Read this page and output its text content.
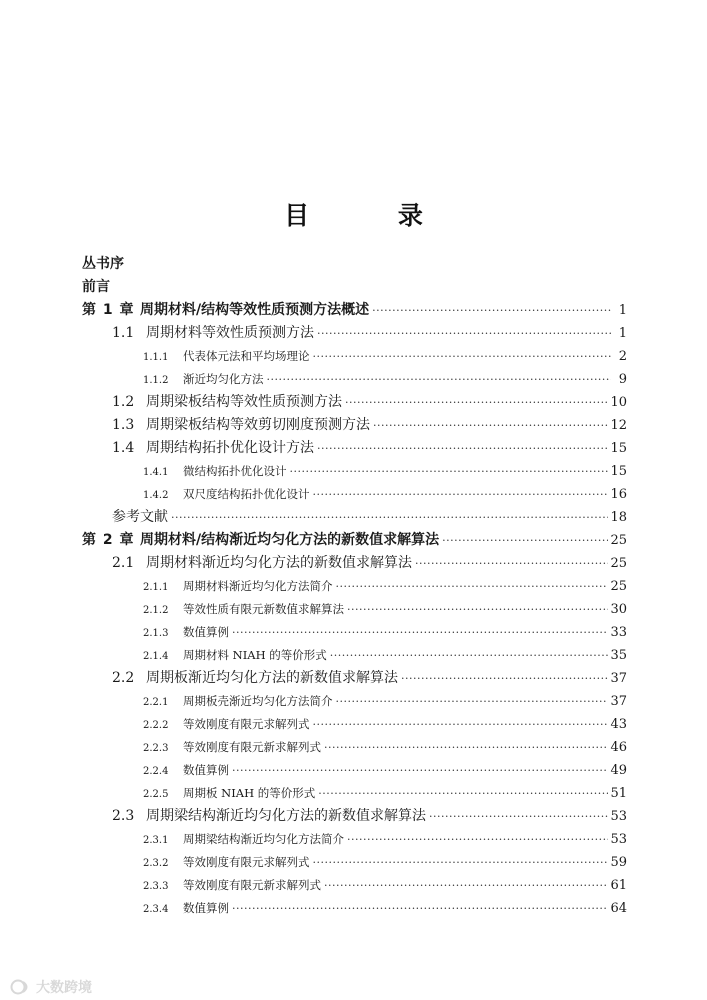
目 录
丛书序
前言
第 1 章 周期材料/结构等效性质预测方法概述 · · ·	1
1.1 周期材料等效性质预测方法 · · ·	1
1.1.1	代表体元法和平均场理论 · · ·	2
1.1.2	渐近均匀化方法 · · ·	9
1.2 周期梁板结构等效性质预测方法 · · ·	10
1.3 周期梁板结构等效剪切刚度预测方法 · · ·	12
1.4 周期结构拓扑优化设计方法 · · ·	15
1.4.1	微结构拓扑优化设计 · · ·	15
1.4.2	双尺度结构拓扑优化设计 · · ·	16
参考文献 · · ·	18
第 2 章 周期材料/结构渐近均匀化方法的新数值求解算法 · · ·	25
2.1 周期材料渐近均匀化方法的新数值求解算法 · · ·	25
2.1.1	周期材料渐近均匀化方法简介 · · ·	25
2.1.2	等效性质有限元新数值求解算法 · · ·	30
2.1.3	数值算例 · · ·	33
2.1.4	周期材料 NIAH 的等价形式 · · ·	35
2.2 周期板渐近均匀化方法的新数值求解算法 · · ·	37
2.2.1	周期板壳渐近均匀化方法简介 · · ·	37
2.2.2	等效刚度有限元求解列式 · · ·	43
2.2.3	等效刚度有限元新求解列式 · · ·	46
2.2.4	数值算例 · · ·	49
2.2.5	周期板 NIAH 的等价形式 · · ·	51
2.3 周期梁结构渐近均匀化方法的新数值求解算法 · · ·	53
2.3.1	周期梁结构渐近均匀化方法简介 · · ·	53
2.3.2	等效刚度有限元求解列式 · · ·	59
2.3.3	等效刚度有限元新求解列式 · · ·	61
2.3.4	数值算例 · · ·	64
大数跨境
